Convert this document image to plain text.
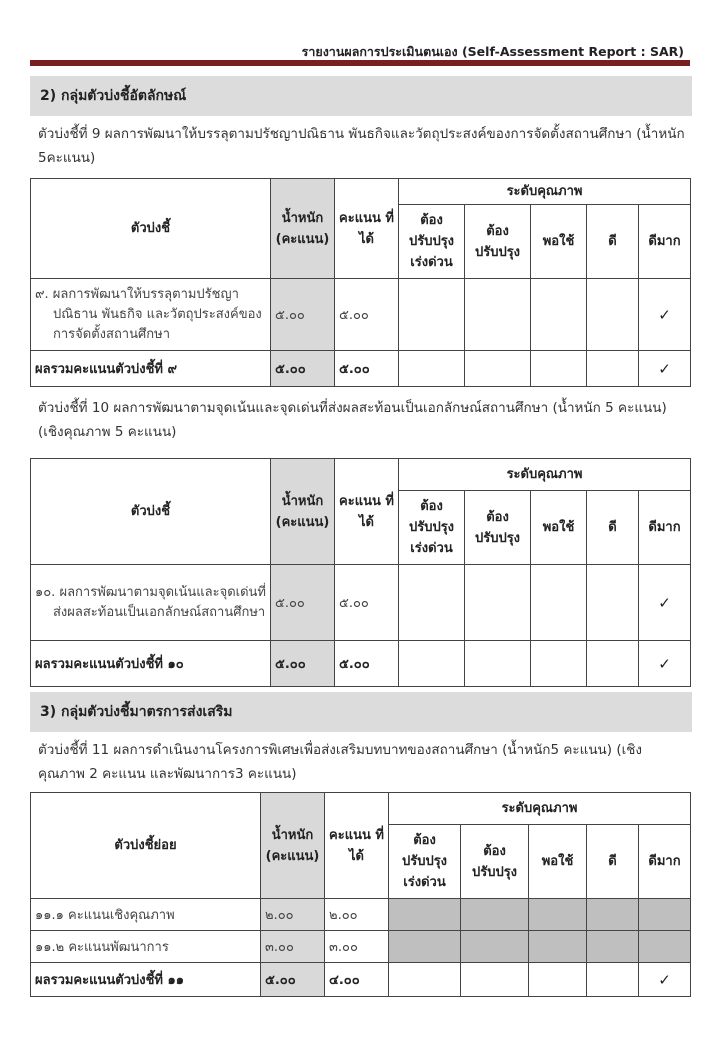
รายงานผลการประเมินตนเอง (Self-Assessment Report : SAR)
2) กลุ่มตัวบ่งชี้อัตลักษณ์
ตัวบ่งชี้ที่ 9 ผลการพัฒนาให้บรรลุตามปรัชญาปณิธาน พันธกิจและวัตถุประสงค์ของการจัดตั้งสถานศึกษา (น้ำหนัก 5คะแนน)
ตัวบ่งชี้	น้ำหนัก (คะแนน)	คะแนน ที่ได้	ระดับคุณภาพ				
			ต้อง ปรับปรุง เร่งด่วน	ต้อง ปรับปรุง	พอใช้	ดี	ดีมาก

๙. ผลการพัฒนาให้บรรลุตามปรัชญาปณิธาน พันธกิจ และวัตถุประสงค์ของการจัดตั้งสถานศึกษา	๕.๐๐	๕.๐๐					✓
ผลรวมคะแนนตัวบ่งชี้ที่ ๙	๕.๐๐	๕.๐๐					✓
ตัวบ่งชี้ที่ 10 ผลการพัฒนาตามจุดเน้นและจุดเด่นที่ส่งผลสะท้อนเป็นเอกลักษณ์สถานศึกษา (น้ำหนัก 5 คะแนน) (เชิงคุณภาพ 5 คะแนน)
ตัวบ่งชี้	น้ำหนัก (คะแนน)	คะแนน ที่ได้	ระดับคุณภาพ				
			ต้อง ปรับปรุง เร่งด่วน	ต้อง ปรับปรุง	พอใช้	ดี	ดีมาก

๑๐. ผลการพัฒนาตามจุดเน้นและจุดเด่นที่ส่งผลสะท้อนเป็นเอกลักษณ์สถานศึกษา	๕.๐๐	๕.๐๐					✓
ผลรวมคะแนนตัวบ่งชี้ที่ ๑๐	๕.๐๐	๕.๐๐					✓
3) กลุ่มตัวบ่งชี้มาตรการส่งเสริม
ตัวบ่งชี้ที่ 11 ผลการดำเนินงานโครงการพิเศษเพื่อส่งเสริมบทบาทของสถานศึกษา (น้ำหนัก5 คะแนน) (เชิงคุณภาพ 2 คะแนน และพัฒนาการ3 คะแนน)
ตัวบ่งชี้ย่อย	น้ำหนัก (คะแนน)	คะแนน ที่ได้	ระดับคุณภาพ				
			ต้อง ปรับปรุง เร่งด่วน	ต้อง ปรับปรุง	พอใช้	ดี	ดีมาก
๑๑.๑ คะแนนเชิงคุณภาพ	๒.๐๐	๒.๐๐					
๑๑.๒ คะแนนพัฒนาการ	๓.๐๐	๓.๐๐					
ผลรวมคะแนนตัวบ่งชี้ที่ ๑๑	๕.๐๐	๔.๐๐					✓
